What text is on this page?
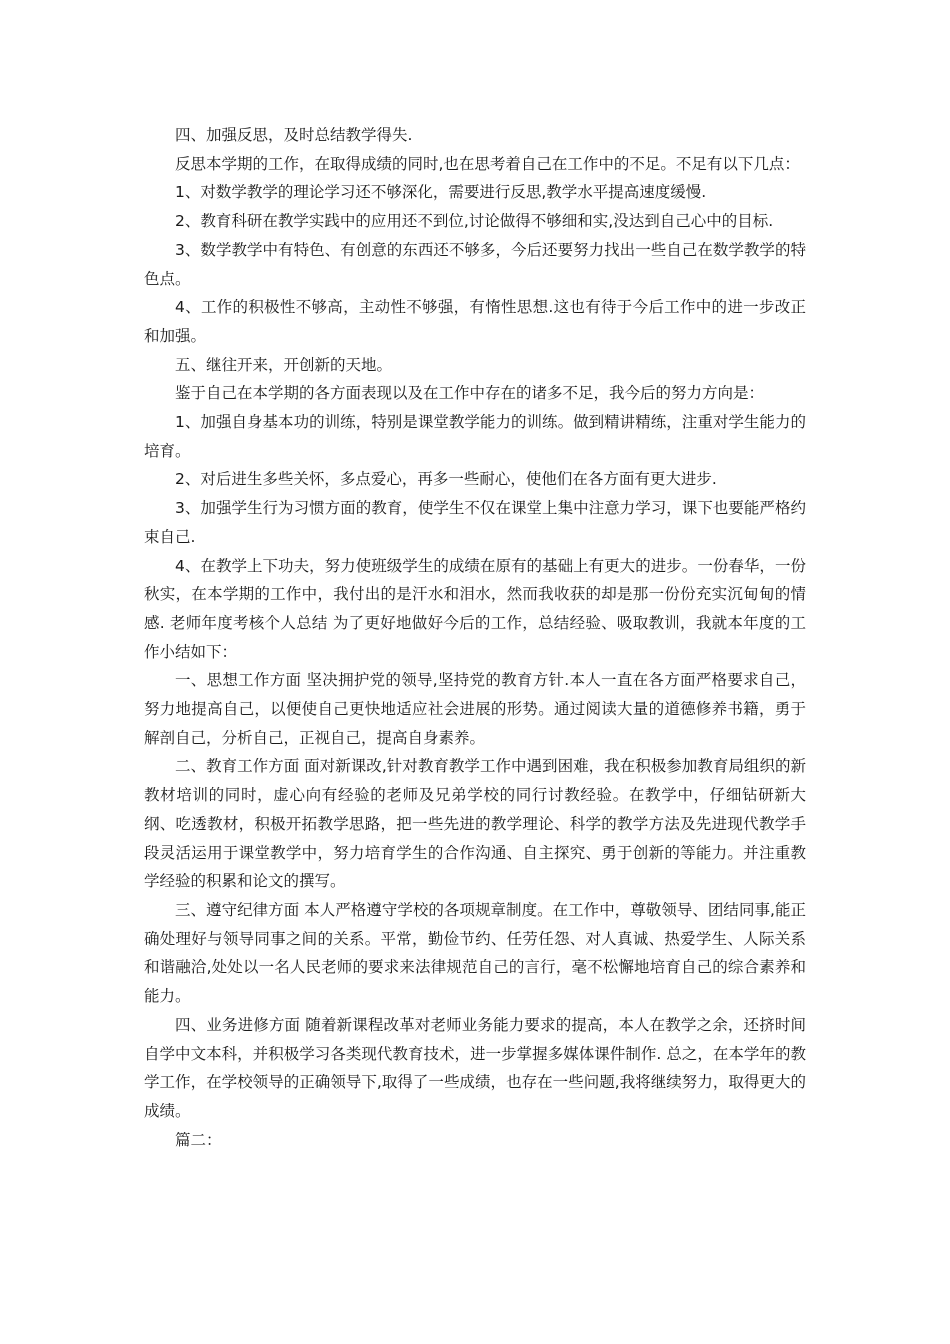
四、加强反思，及时总结教学得失.

反思本学期的工作，在取得成绩的同时,也在思考着自己在工作中的不足。不足有以下几点：

1、对数学教学的理论学习还不够深化，需要进行反思,教学水平提高速度缓慢.

2、教育科研在教学实践中的应用还不到位,讨论做得不够细和实,没达到自己心中的目标.

3、数学教学中有特色、有创意的东西还不够多，今后还要努力找出一些自己在数学教学的特色点。

4、工作的积极性不够高，主动性不够强，有惰性思想.这也有待于今后工作中的进一步改正和加强。

五、继往开来，开创新的天地。

鉴于自己在本学期的各方面表现以及在工作中存在的诸多不足，我今后的努力方向是：

1、加强自身基本功的训练，特别是课堂教学能力的训练。做到精讲精练，注重对学生能力的培育。

2、对后进生多些关怀，多点爱心，再多一些耐心，使他们在各方面有更大进步.

3、加强学生行为习惯方面的教育，使学生不仅在课堂上集中注意力学习，课下也要能严格约束自己.

4、在教学上下功夫，努力使班级学生的成绩在原有的基础上有更大的进步。一份春华，一份秋实，在本学期的工作中，我付出的是汗水和泪水，然而我收获的却是那一份份充实沉甸甸的情感. 老师年度考核个人总结 为了更好地做好今后的工作，总结经验、吸取教训，我就本年度的工作小结如下：

一、思想工作方面 坚决拥护党的领导,坚持党的教育方针.本人一直在各方面严格要求自己，努力地提高自己，以便使自己更快地适应社会进展的形势。通过阅读大量的道德修养书籍，勇于解剖自己，分析自己，正视自己，提高自身素养。

二、教育工作方面 面对新课改,针对教育教学工作中遇到困难，我在积极参加教育局组织的新教材培训的同时，虚心向有经验的老师及兄弟学校的同行讨教经验。在教学中，仔细钻研新大纲、吃透教材，积极开拓教学思路，把一些先进的教学理论、科学的教学方法及先进现代教学手段灵活运用于课堂教学中，努力培育学生的合作沟通、自主探究、勇于创新的等能力。并注重教学经验的积累和论文的撰写。

三、遵守纪律方面 本人严格遵守学校的各项规章制度。在工作中，尊敬领导、团结同事,能正确处理好与领导同事之间的关系。平常，勤俭节约、任劳任怨、对人真诚、热爱学生、人际关系和谐融洽,处处以一名人民老师的要求来法律规范自己的言行，毫不松懈地培育自己的综合素养和能力。

四、业务进修方面 随着新课程改革对老师业务能力要求的提高，本人在教学之余，还挤时间自学中文本科，并积极学习各类现代教育技术，进一步掌握多媒体课件制作. 总之，在本学年的教学工作，在学校领导的正确领导下,取得了一些成绩，也存在一些问题,我将继续努力，取得更大的成绩。

篇二：
